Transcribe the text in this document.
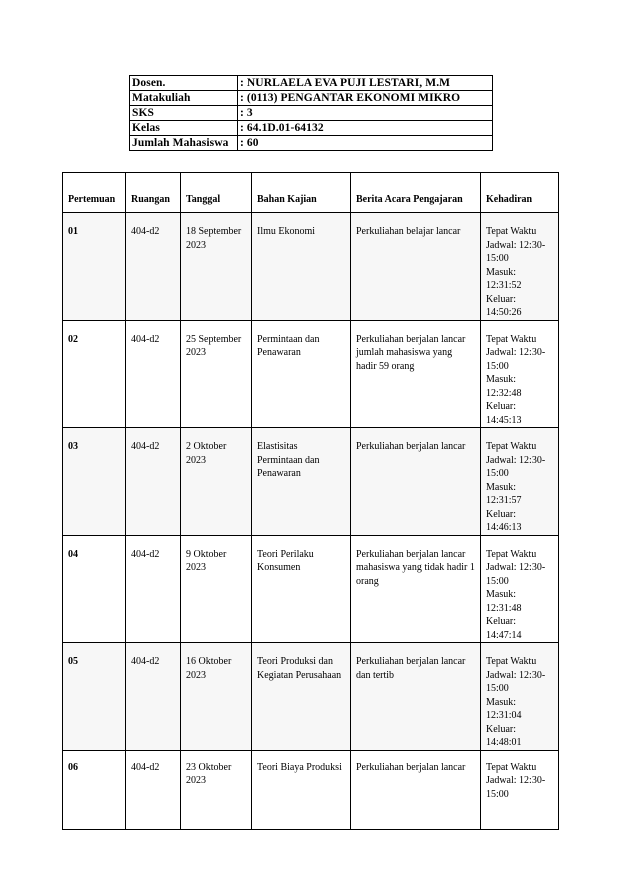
Dosen.	: NURLAELA EVA PUJI LESTARI, M.M
Matakuliah	: (0113) PENGANTAR EKONOMI MIKRO
SKS	: 3
Kelas	: 64.1D.01-64132
Jumlah Mahasiswa	: 60
Pertemuan	Ruangan	Tanggal	Bahan Kajian	Berita Acara Pengajaran	Kehadiran
01	404-d2	18 September 2023	Ilmu Ekonomi	Perkuliahan belajar lancar	Tepat Waktu
Jadwal: 12:30-15:00
Masuk: 12:31:52
Keluar: 14:50:26

02	404-d2	25 September 2023	Permintaan dan Penawaran	Perkuliahan berjalan lancar jumlah mahasiswa yang hadir 59 orang	Tepat Waktu
Jadwal: 12:30-15:00
Masuk: 12:32:48
Keluar: 14:45:13

03	404-d2	2 Oktober 2023	Elastisitas Permintaan dan Penawaran	Perkuliahan berjalan lancar	Tepat Waktu
Jadwal: 12:30-15:00
Masuk: 12:31:57
Keluar: 14:46:13

04	404-d2	9 Oktober 2023	Teori Perilaku Konsumen	Perkuliahan berjalan lancar mahasiswa yang tidak hadir 1 orang	Tepat Waktu
Jadwal: 12:30-15:00
Masuk: 12:31:48
Keluar: 14:47:14

05	404-d2	16 Oktober 2023	Teori Produksi dan Kegiatan Perusahaan	Perkuliahan berjalan lancar dan tertib	Tepat Waktu
Jadwal: 12:30-15:00
Masuk: 12:31:04
Keluar: 14:48:01

06	404-d2	23 Oktober 2023	Teori Biaya Produksi	Perkuliahan berjalan lancar	Tepat Waktu
Jadwal: 12:30-15:00
